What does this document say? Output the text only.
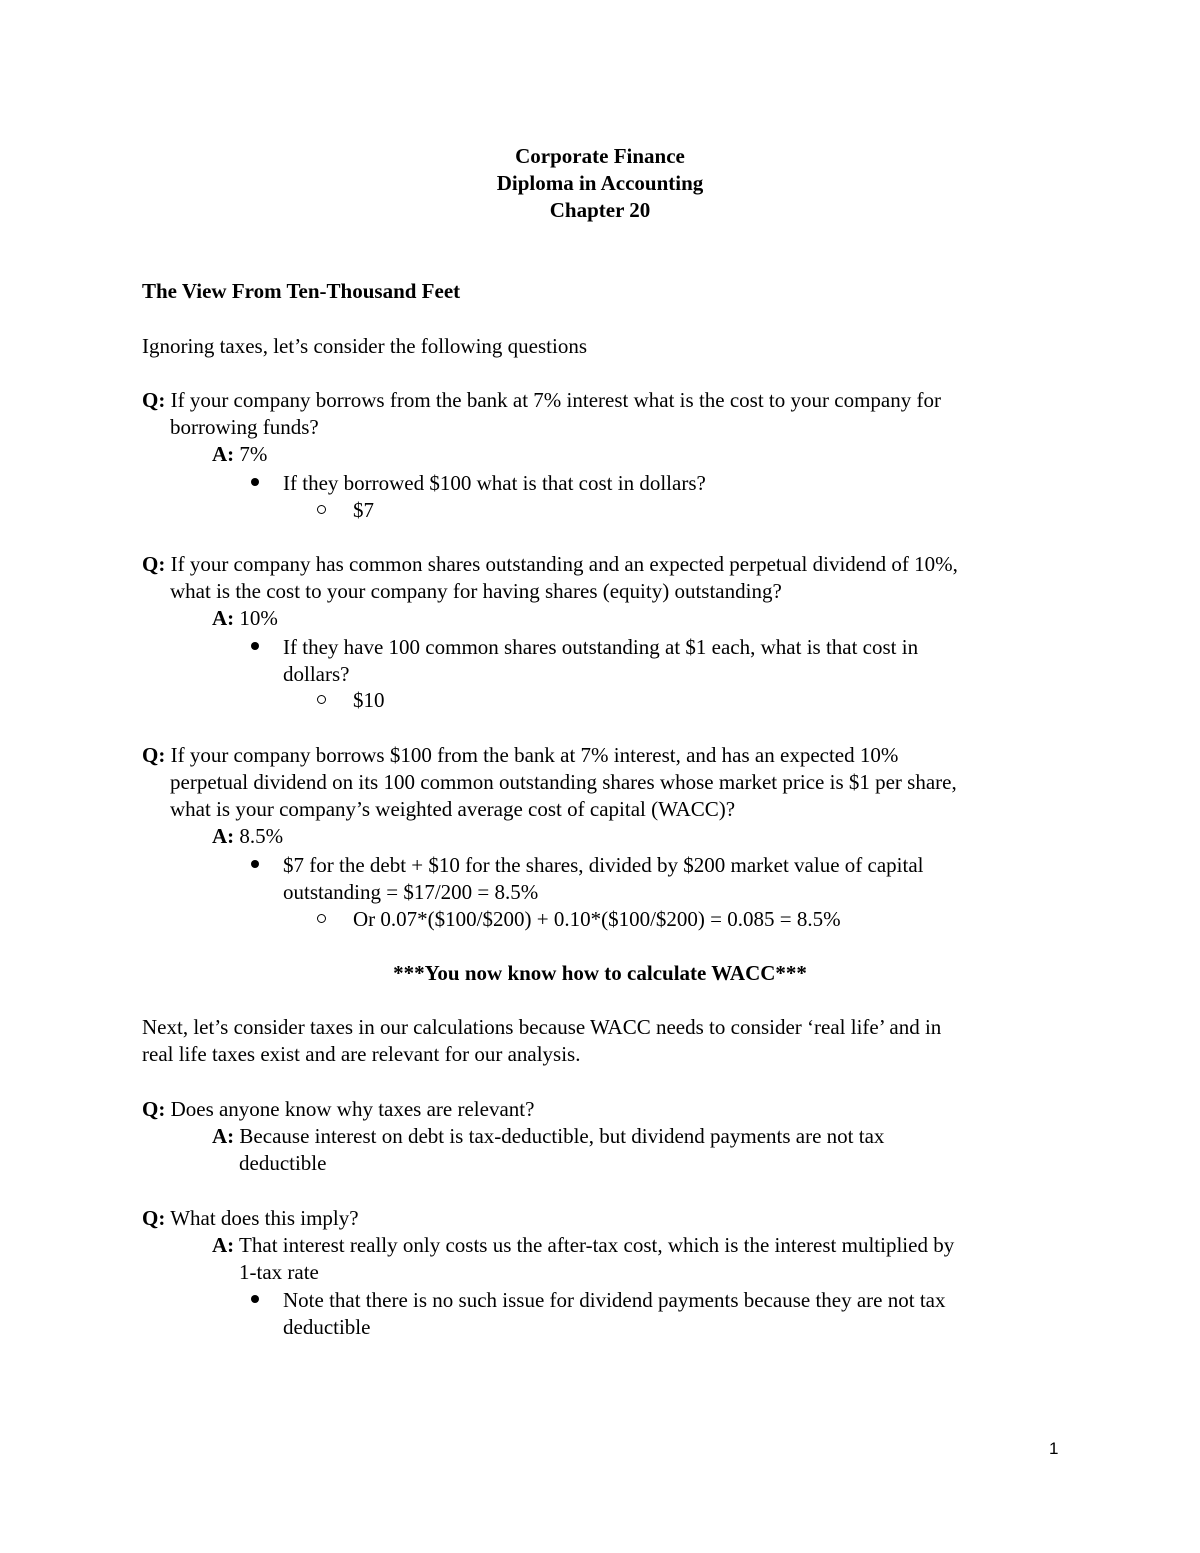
Corporate Finance
Diploma in Accounting
Chapter 20
The View From Ten-Thousand Feet
Ignoring taxes, let’s consider the following questions
Q: If your company borrows from the bank at 7% interest what is the cost to your company for
borrowing funds?
A: 7%
If they borrowed $100 what is that cost in dollars?
$7
Q: If your company has common shares outstanding and an expected perpetual dividend of 10%,
what is the cost to your company for having shares (equity) outstanding?
A: 10%
If they have 100 common shares outstanding at $1 each, what is that cost in
dollars?
$10
Q: If your company borrows $100 from the bank at 7% interest, and has an expected 10%
perpetual dividend on its 100 common outstanding shares whose market price is $1 per share,
what is your company’s weighted average cost of capital (WACC)?
A: 8.5%
$7 for the debt + $10 for the shares, divided by $200 market value of capital
outstanding = $17/200 = 8.5%
Or 0.07*($100/$200) + 0.10*($100/$200) = 0.085 = 8.5%
***You now know how to calculate WACC***
Next, let’s consider taxes in our calculations because WACC needs to consider ‘real life’ and in
real life taxes exist and are relevant for our analysis.
Q: Does anyone know why taxes are relevant?
A: Because interest on debt is tax-deductible, but dividend payments are not tax
deductible
Q: What does this imply?
A: That interest really only costs us the after-tax cost, which is the interest multiplied by
1-tax rate
Note that there is no such issue for dividend payments because they are not tax
deductible
1
